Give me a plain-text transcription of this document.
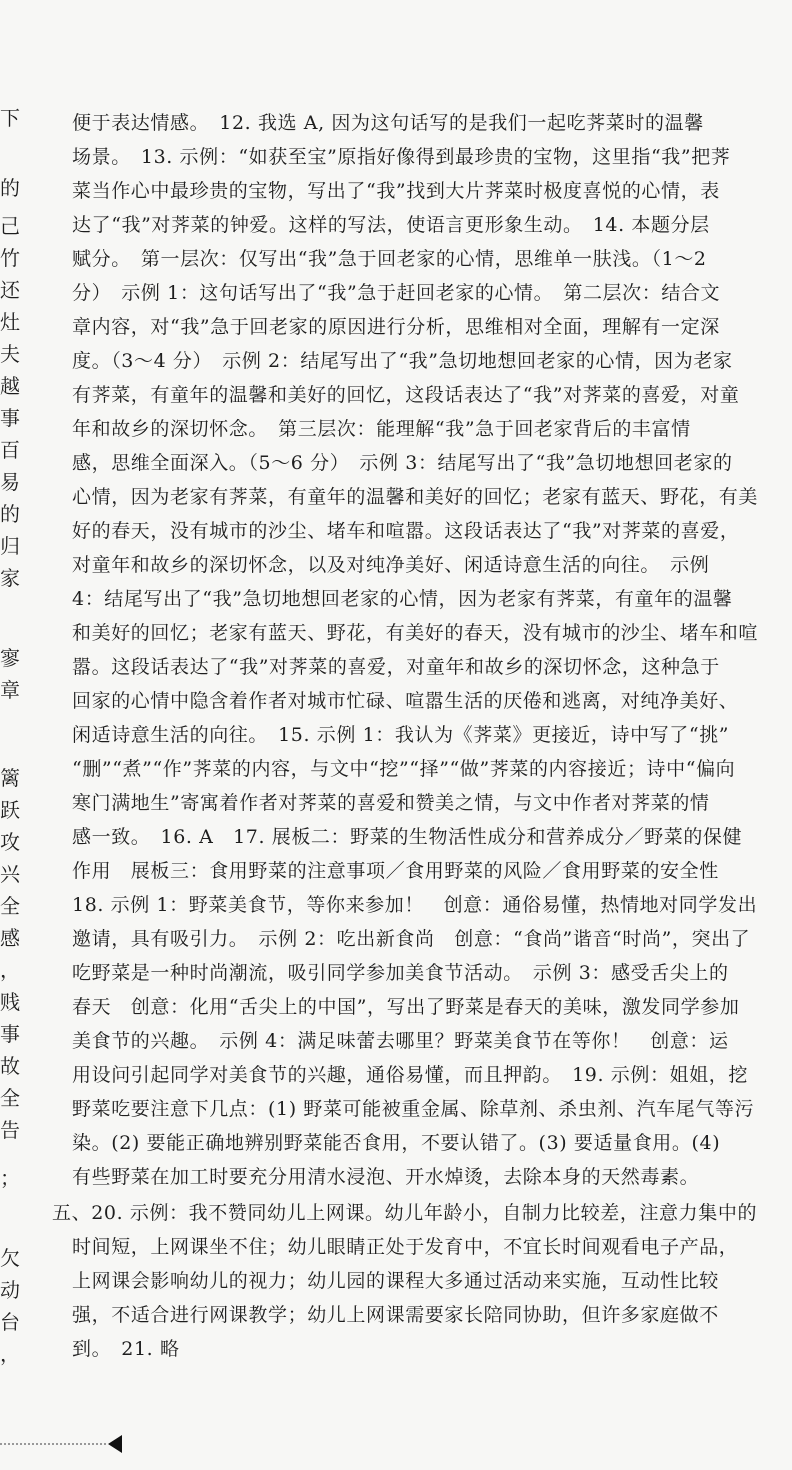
下
的
己
竹
还
灶
夫
越
事
百
易
的
归
家
寥
章
篱
跃
攻
兴
全
感
，
贱
事
故
全
告
；
欠
动
台
，
便于表达情感。　12. 我选 A, 因为这句话写的是我们一起吃荠菜时的温馨
场景。　13. 示例：“如获至宝”原指好像得到最珍贵的宝物，这里指“我”把荠
菜当作心中最珍贵的宝物，写出了“我”找到大片荠菜时极度喜悦的心情，表
达了“我”对荠菜的钟爱。这样的写法，使语言更形象生动。　14. 本题分层
赋分。　第一层次：仅写出“我”急于回老家的心情，思维单一肤浅。（1～2
分）　示例 1：这句话写出了“我”急于赶回老家的心情。　第二层次：结合文
章内容，对“我”急于回老家的原因进行分析，思维相对全面，理解有一定深
度。（3～4 分）　示例 2：结尾写出了“我”急切地想回老家的心情，因为老家
有荠菜，有童年的温馨和美好的回忆，这段话表达了“我”对荠菜的喜爱，对童
年和故乡的深切怀念。　第三层次：能理解“我”急于回老家背后的丰富情
感，思维全面深入。（5～6 分）　示例 3：结尾写出了“我”急切地想回老家的
心情，因为老家有荠菜，有童年的温馨和美好的回忆；老家有蓝天、野花，有美
好的春天，没有城市的沙尘、堵车和喧嚣。这段话表达了“我”对荠菜的喜爱，
对童年和故乡的深切怀念，以及对纯净美好、闲适诗意生活的向往。　示例
4：结尾写出了“我”急切地想回老家的心情，因为老家有荠菜，有童年的温馨
和美好的回忆；老家有蓝天、野花，有美好的春天，没有城市的沙尘、堵车和喧
嚣。这段话表达了“我”对荠菜的喜爱，对童年和故乡的深切怀念，这种急于
回家的心情中隐含着作者对城市忙碌、喧嚣生活的厌倦和逃离，对纯净美好、
闲适诗意生活的向往。　15. 示例 1：我认为《荠菜》更接近，诗中写了“挑”
“删”“煮”“作”荠菜的内容，与文中“挖”“择”“做”荠菜的内容接近；诗中“偏向
寒门满地生”寄寓着作者对荠菜的喜爱和赞美之情，与文中作者对荠菜的情
感一致。　16. A　17. 展板二：野菜的生物活性成分和营养成分／野菜的保健
作用　展板三：食用野菜的注意事项／食用野菜的风险／食用野菜的安全性
18. 示例 1：野菜美食节，等你来参加！　创意：通俗易懂，热情地对同学发出
邀请，具有吸引力。　示例 2：吃出新食尚　创意：“食尚”谐音“时尚”，突出了
吃野菜是一种时尚潮流，吸引同学参加美食节活动。　示例 3：感受舌尖上的
春天　创意：化用“舌尖上的中国”，写出了野菜是春天的美味，激发同学参加
美食节的兴趣。　示例 4：满足味蕾去哪里？野菜美食节在等你！　创意：运
用设问引起同学对美食节的兴趣，通俗易懂，而且押韵。　19. 示例：姐姐，挖
野菜吃要注意下几点：(1) 野菜可能被重金属、除草剂、杀虫剂、汽车尾气等污
染。(2) 要能正确地辨别野菜能否食用，不要认错了。(3) 要适量食用。(4)
有些野菜在加工时要充分用清水浸泡、开水焯烫，去除本身的天然毒素。
五、20. 示例：我不赞同幼儿上网课。幼儿年龄小，自制力比较差，注意力集中的
时间短，上网课坐不住；幼儿眼睛正处于发育中，不宜长时间观看电子产品，
上网课会影响幼儿的视力；幼儿园的课程大多通过活动来实施，互动性比较
强，不适合进行网课教学；幼儿上网课需要家长陪同协助，但许多家庭做不
到。　21. 略
